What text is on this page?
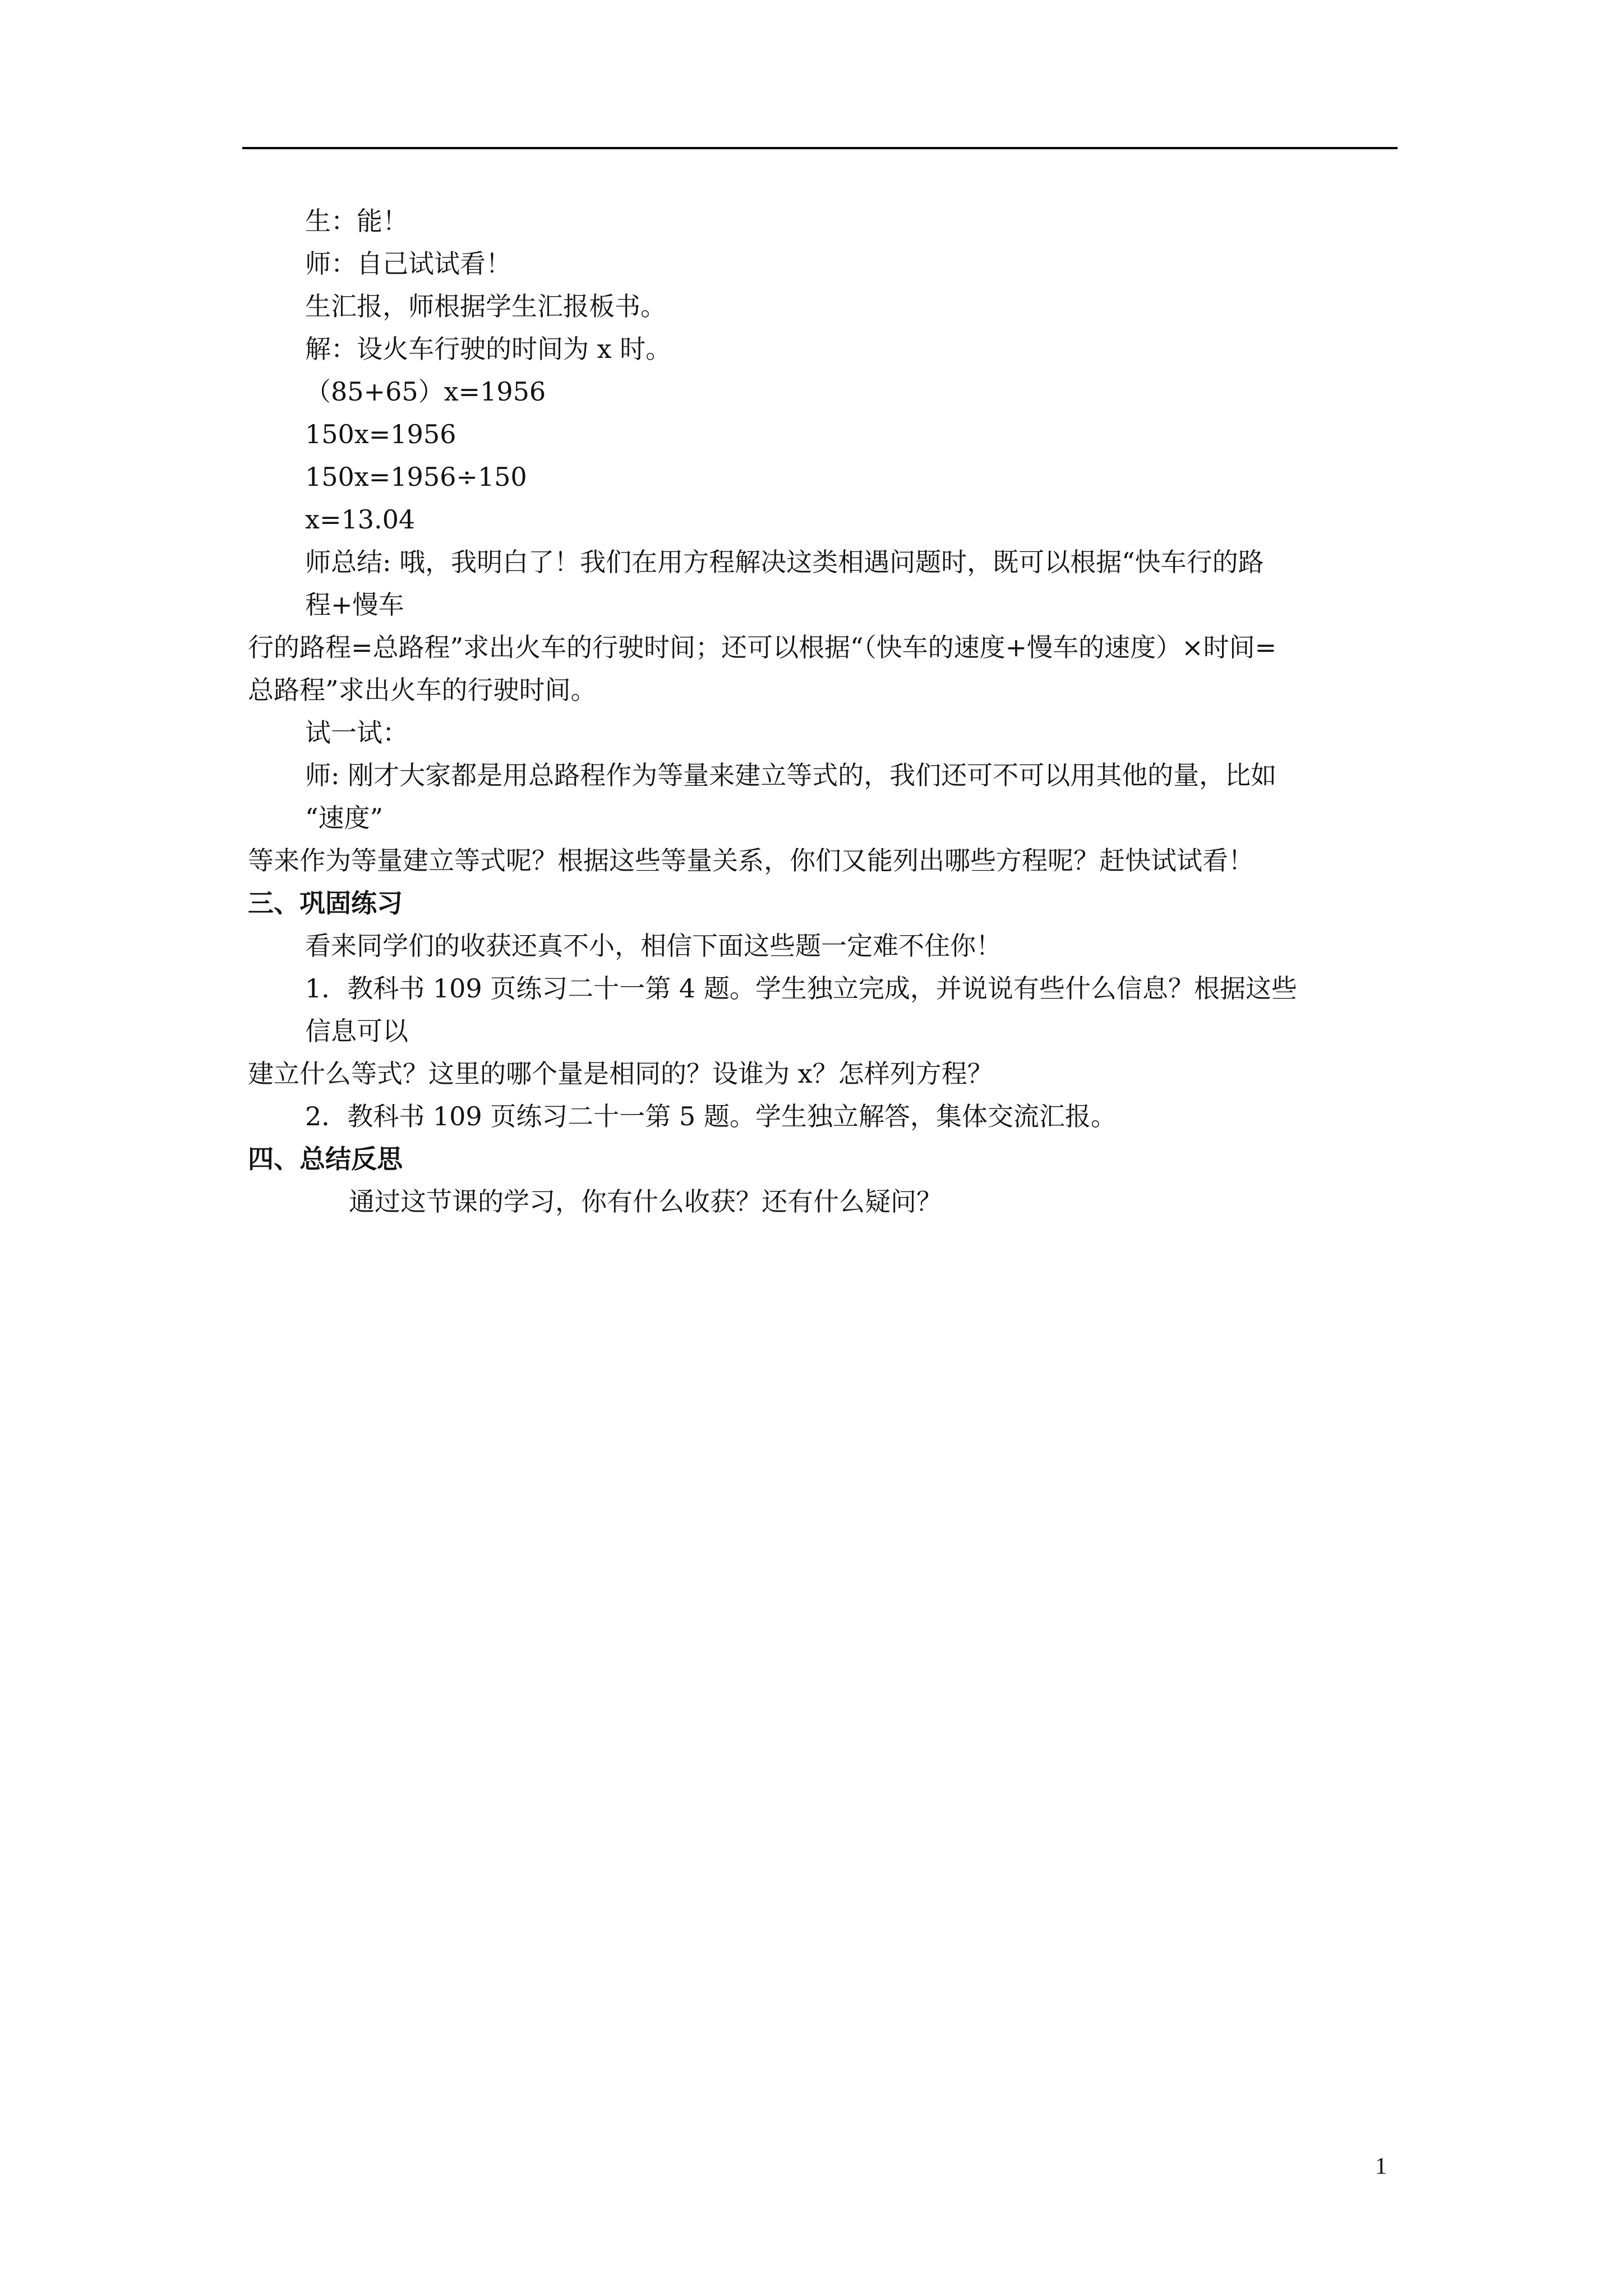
生：能！

师：自己试试看！

生汇报，师根据学生汇报板书。

解：设火车行驶的时间为 x 时。

（85+65）x=1956

150x=1956

150x=1956÷150

x=13.04

师总结: 哦，我明白了！我们在用方程解决这类相遇问题时，既可以根据“快车行的路

程+慢车

行的路程=总路程”求出火车的行驶时间；还可以根据“（快车的速度+慢车的速度）×时间=

总路程”求出火车的行驶时间。

试一试：

师: 刚才大家都是用总路程作为等量来建立等式的，我们还可不可以用其他的量，比如

“速度”

等来作为等量建立等式呢？根据这些等量关系，你们又能列出哪些方程呢？赶快试试看！

三、巩固练习

看来同学们的收获还真不小，相信下面这些题一定难不住你！

1．教科书 109 页练习二十一第 4 题。学生独立完成，并说说有些什么信息？根据这些

信息可以

建立什么等式？这里的哪个量是相同的？设谁为 x？怎样列方程？

2．教科书 109 页练习二十一第 5 题。学生独立解答，集体交流汇报。

四、总结反思

通过这节课的学习，你有什么收获？还有什么疑问？

1
